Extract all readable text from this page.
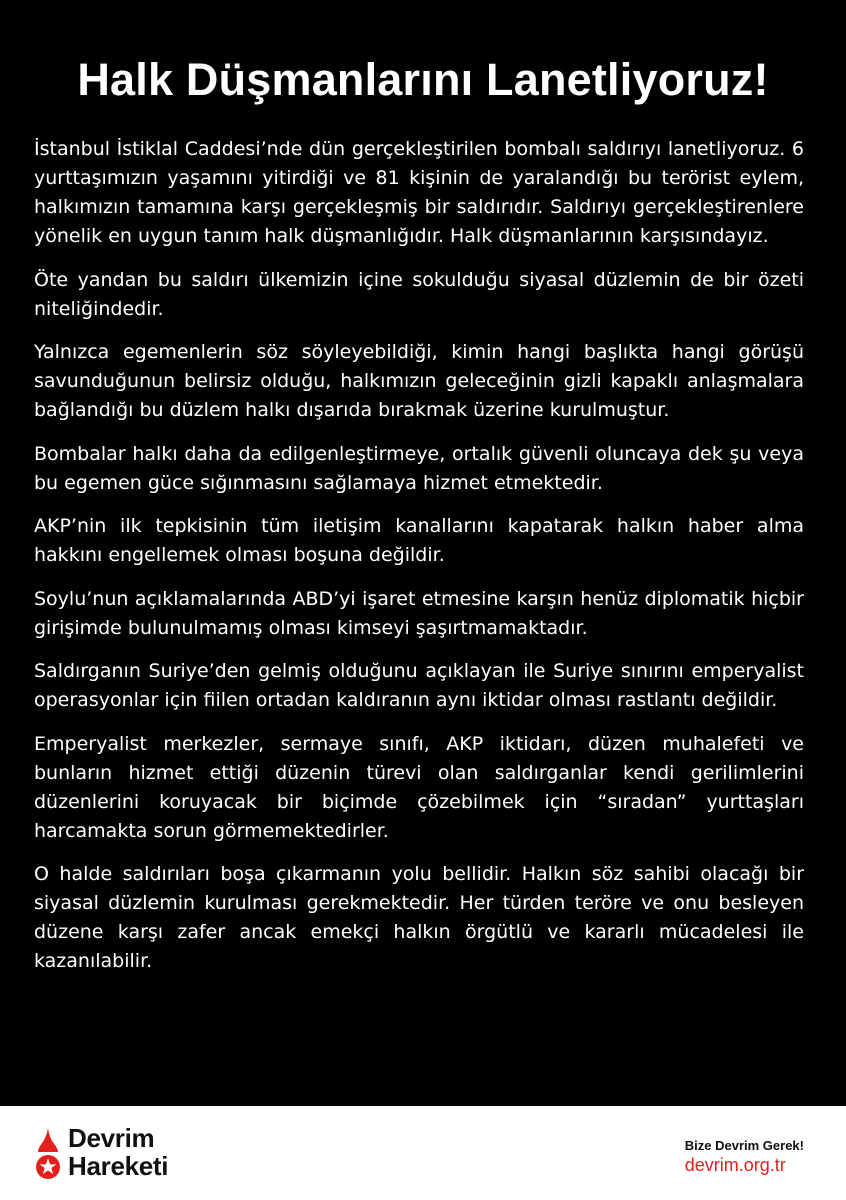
Halk Düşmanlarını Lanetliyoruz!

İstanbul İstiklal Caddesi’nde dün gerçekleştirilen bombalı saldırıyı lanetliyoruz. 6 yurttaşımızın yaşamını yitirdiği ve 81 kişinin de yaralandığı bu terörist eylem, halkımızın tamamına karşı gerçekleşmiş bir saldırıdır. Saldırıyı gerçekleştirenlere yönelik en uygun tanım halk düşmanlığıdır. Halk düşmanlarının karşısındayız.

Öte yandan bu saldırı ülkemizin içine sokulduğu siyasal düzlemin de bir özeti niteliğindedir.

Yalnızca egemenlerin söz söyleyebildiği, kimin hangi başlıkta hangi görüşü savunduğunun belirsiz olduğu, halkımızın geleceğinin gizli kapaklı anlaşmalara bağlandığı bu düzlem halkı dışarıda bırakmak üzerine kurulmuştur.

Bombalar halkı daha da edilgenleştirmeye, ortalık güvenli oluncaya dek şu veya bu egemen güce sığınmasını sağlamaya hizmet etmektedir.

AKP’nin ilk tepkisinin tüm iletişim kanallarını kapatarak halkın haber alma hakkını engellemek olması boşuna değildir.

Soylu’nun açıklamalarında ABD’yi işaret etmesine karşın henüz diplomatik hiçbir girişimde bulunulmamış olması kimseyi şaşırtmamaktadır.

Saldırganın Suriye’den gelmiş olduğunu açıklayan ile Suriye sınırını emperyalist operasyonlar için fiilen ortadan kaldıranın aynı iktidar olması rastlantı değildir.

Emperyalist merkezler, sermaye sınıfı, AKP iktidarı, düzen muhalefeti ve bunların hizmet ettiği düzenin türevi olan saldırganlar kendi gerilimlerini düzenlerini koruyacak bir biçimde çözebilmek için “sıradan” yurttaşları harcamakta sorun görmemektedirler.

O halde saldırıları boşa çıkarmanın yolu bellidir. Halkın söz sahibi olacağı bir siyasal düzlemin kurulması gerekmektedir. Her türden teröre ve onu besleyen düzene karşı zafer ancak emekçi halkın örgütlü ve kararlı mücadelesi ile kazanılabilir.

Devrim
Hareketi
Bize Devrim Gerek!
devrim.org.tr
